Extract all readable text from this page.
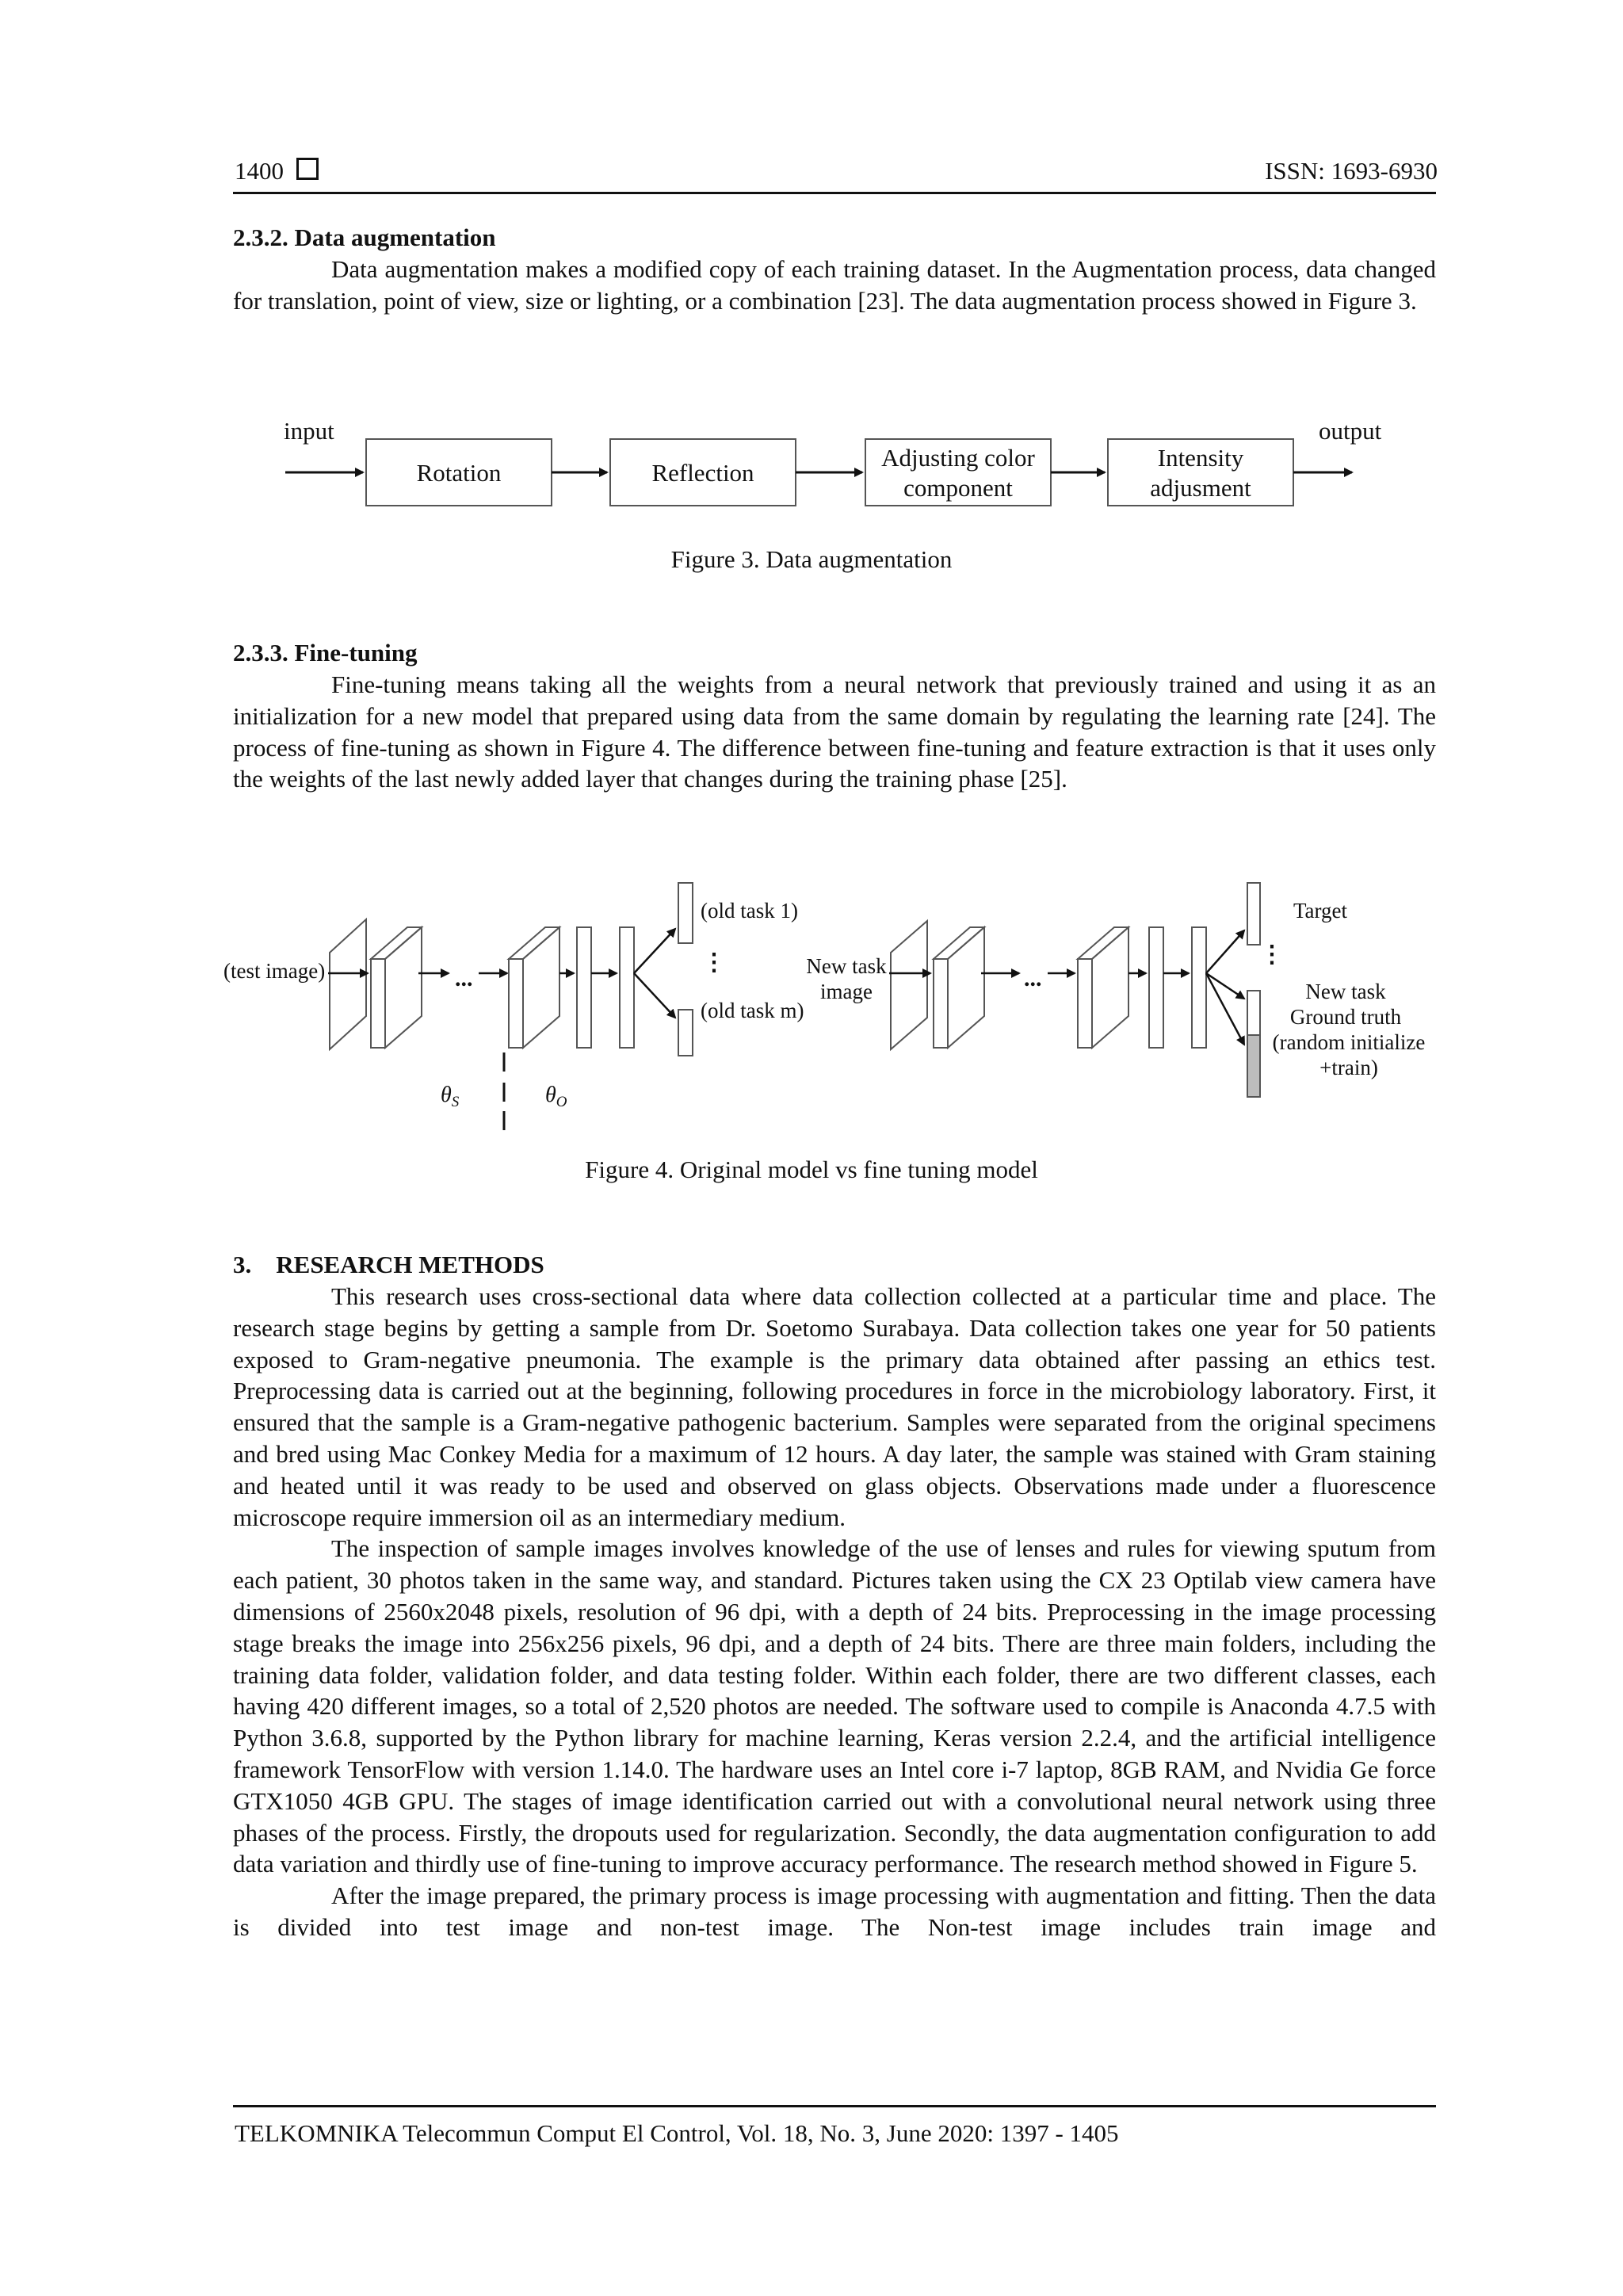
1400	ISSN: 1693-6930
2.3.2. Data augmentation

Data augmentation makes a modified copy of each training dataset. In the Augmentation process, data changed for translation, point of view, size or lighting, or a combination [23]. The data augmentation process showed in Figure 3.

input	output
Rotation	Reflection
Adjusting color
component
Intensity
adjusment
Figure 3. Data augmentation
2.3.3. Fine-tuning

Fine-tuning means taking all the weights from a neural network that previously trained and using it as an initialization for a new model that prepared using data from the same domain by regulating the learning rate [24]. The process of fine-tuning as shown in Figure 4. The difference between fine-tuning and feature extraction is that it uses only the weights of the last newly added layer that changes during the training phase [25].

(test image)	...
(old task 1)
(old task m)
⋮
$\theta_S$	$\theta_O$
New task
image	...
⋮
Target
New task
Ground truth
(random initialize
+train)
Figure 4. Original model vs fine tuning model
3.    RESEARCH METHODS

This research uses cross-sectional data where data collection collected at a particular time and place. The research stage begins by getting a sample from Dr. Soetomo Surabaya. Data collection takes one year for 50 patients exposed to Gram-negative pneumonia. The example is the primary data obtained after passing an ethics test. Preprocessing data is carried out at the beginning, following procedures in force in the microbiology laboratory. First, it ensured that the sample is a Gram-negative pathogenic bacterium. Samples were separated from the original specimens and bred using Mac Conkey Media for a maximum of 12 hours. A day later, the sample was stained with Gram staining and heated until it was ready to be used and observed on glass objects. Observations made under a fluorescence microscope require immersion oil as an intermediary medium.

The inspection of sample images involves knowledge of the use of lenses and rules for viewing sputum from each patient, 30 photos taken in the same way, and standard. Pictures taken using the CX 23 Optilab view camera have dimensions of 2560x2048 pixels, resolution of 96 dpi, with a depth of 24 bits. Preprocessing in the image processing stage breaks the image into 256x256 pixels, 96 dpi, and a depth of 24 bits. There are three main folders, including the training data folder, validation folder, and data testing folder. Within each folder, there are two different classes, each having 420 different images, so a total of 2,520 photos are needed. The software used to compile is Anaconda 4.7.5 with Python 3.6.8, supported by the Python library for machine learning, Keras version 2.2.4, and the artificial intelligence framework TensorFlow with version 1.14.0. The hardware uses an Intel core i-7 laptop, 8GB RAM, and Nvidia Ge force GTX1050 4GB GPU. The stages of image identification carried out with a convolutional neural network using three phases of the process. Firstly, the dropouts used for regularization. Secondly, the data augmentation configuration to add data variation and thirdly use of fine-tuning to improve accuracy performance. The research method showed in Figure 5.

After the image prepared, the primary process is image processing with augmentation and fitting. Then the data is divided into test image and non-test image. The Non-test image includes train image and

TELKOMNIKA Telecommun Comput El Control, Vol. 18, No. 3, June 2020: 1397 - 1405
